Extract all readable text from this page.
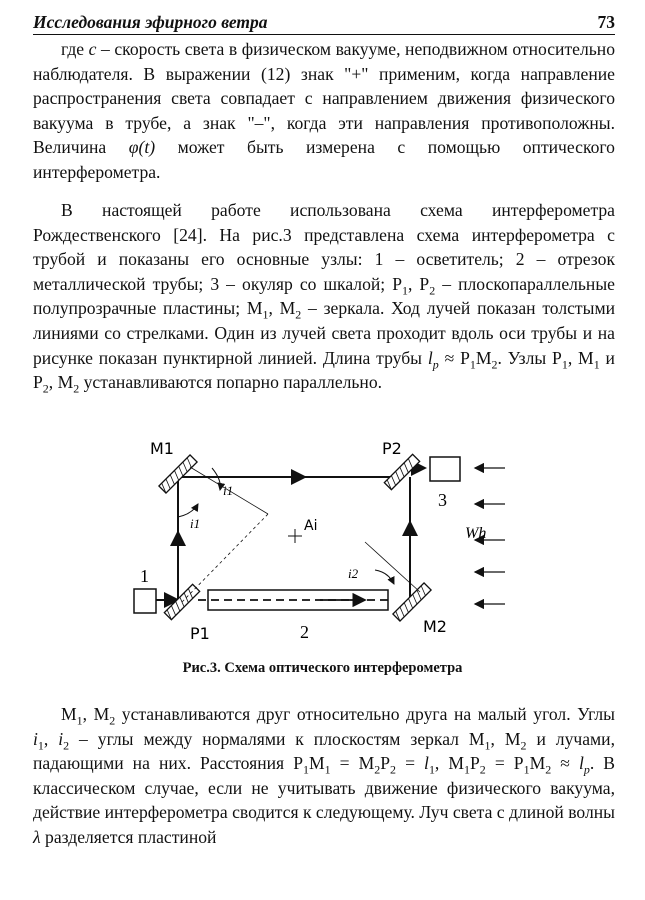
Исследования эфирного ветра	73

где c – скорость света в физическом вакууме, неподвижном относительно наблюдателя. В выражении (12) знак "+" применим, когда направление распространения света совпадает с направлением движения физического вакуума в трубе, а знак "–", когда эти направления противоположны. Величина φ(t) может быть измерена с помощью оптического интерферометра.

В настоящей работе использована схема интерферометра Рождественского [24]. На рис.3 представлена схема интерферометра с трубой и показаны его основные узлы: 1 – осветитель; 2 – отрезок металлической трубы; 3 – окуляр со шкалой; $Р_1$, $Р_2$ – плоскопараллельные полупрозрачные пластины; $М_1$, $М_2$ – зеркала. Ход лучей показан толстыми линиями со стрелками. Один из лучей света проходит вдоль оси трубы и на рисунке показан пунктирной линией. Длина трубы $l_p \approx Р_1М_2$. Узлы $Р_1$, $М_1$ и $Р_2$, $М_2$ устанавливаются попарно параллельно.

M1	P2
P1	M2
i1
i1
i2
Ai	Wh
1
2
3
Рис.3. Схема оптического интерферометра

$М_1$, $М_2$ устанавливаются друг относительно друга на малый угол. Углы $i_1$, $i_2$ – углы между нормалями к плоскостям зеркал $М_1$, $М_2$ и лучами, падающими на них. Расстояния $Р_1М_1 = М_2Р_2 = l_1$, $М_1Р_2 = Р_1М_2 \approx l_p$. В классическом случае, если не учитывать движение физического вакуума, действие интерферометра сводится к следующему. Луч света с длиной волны λ разделяется пластиной
